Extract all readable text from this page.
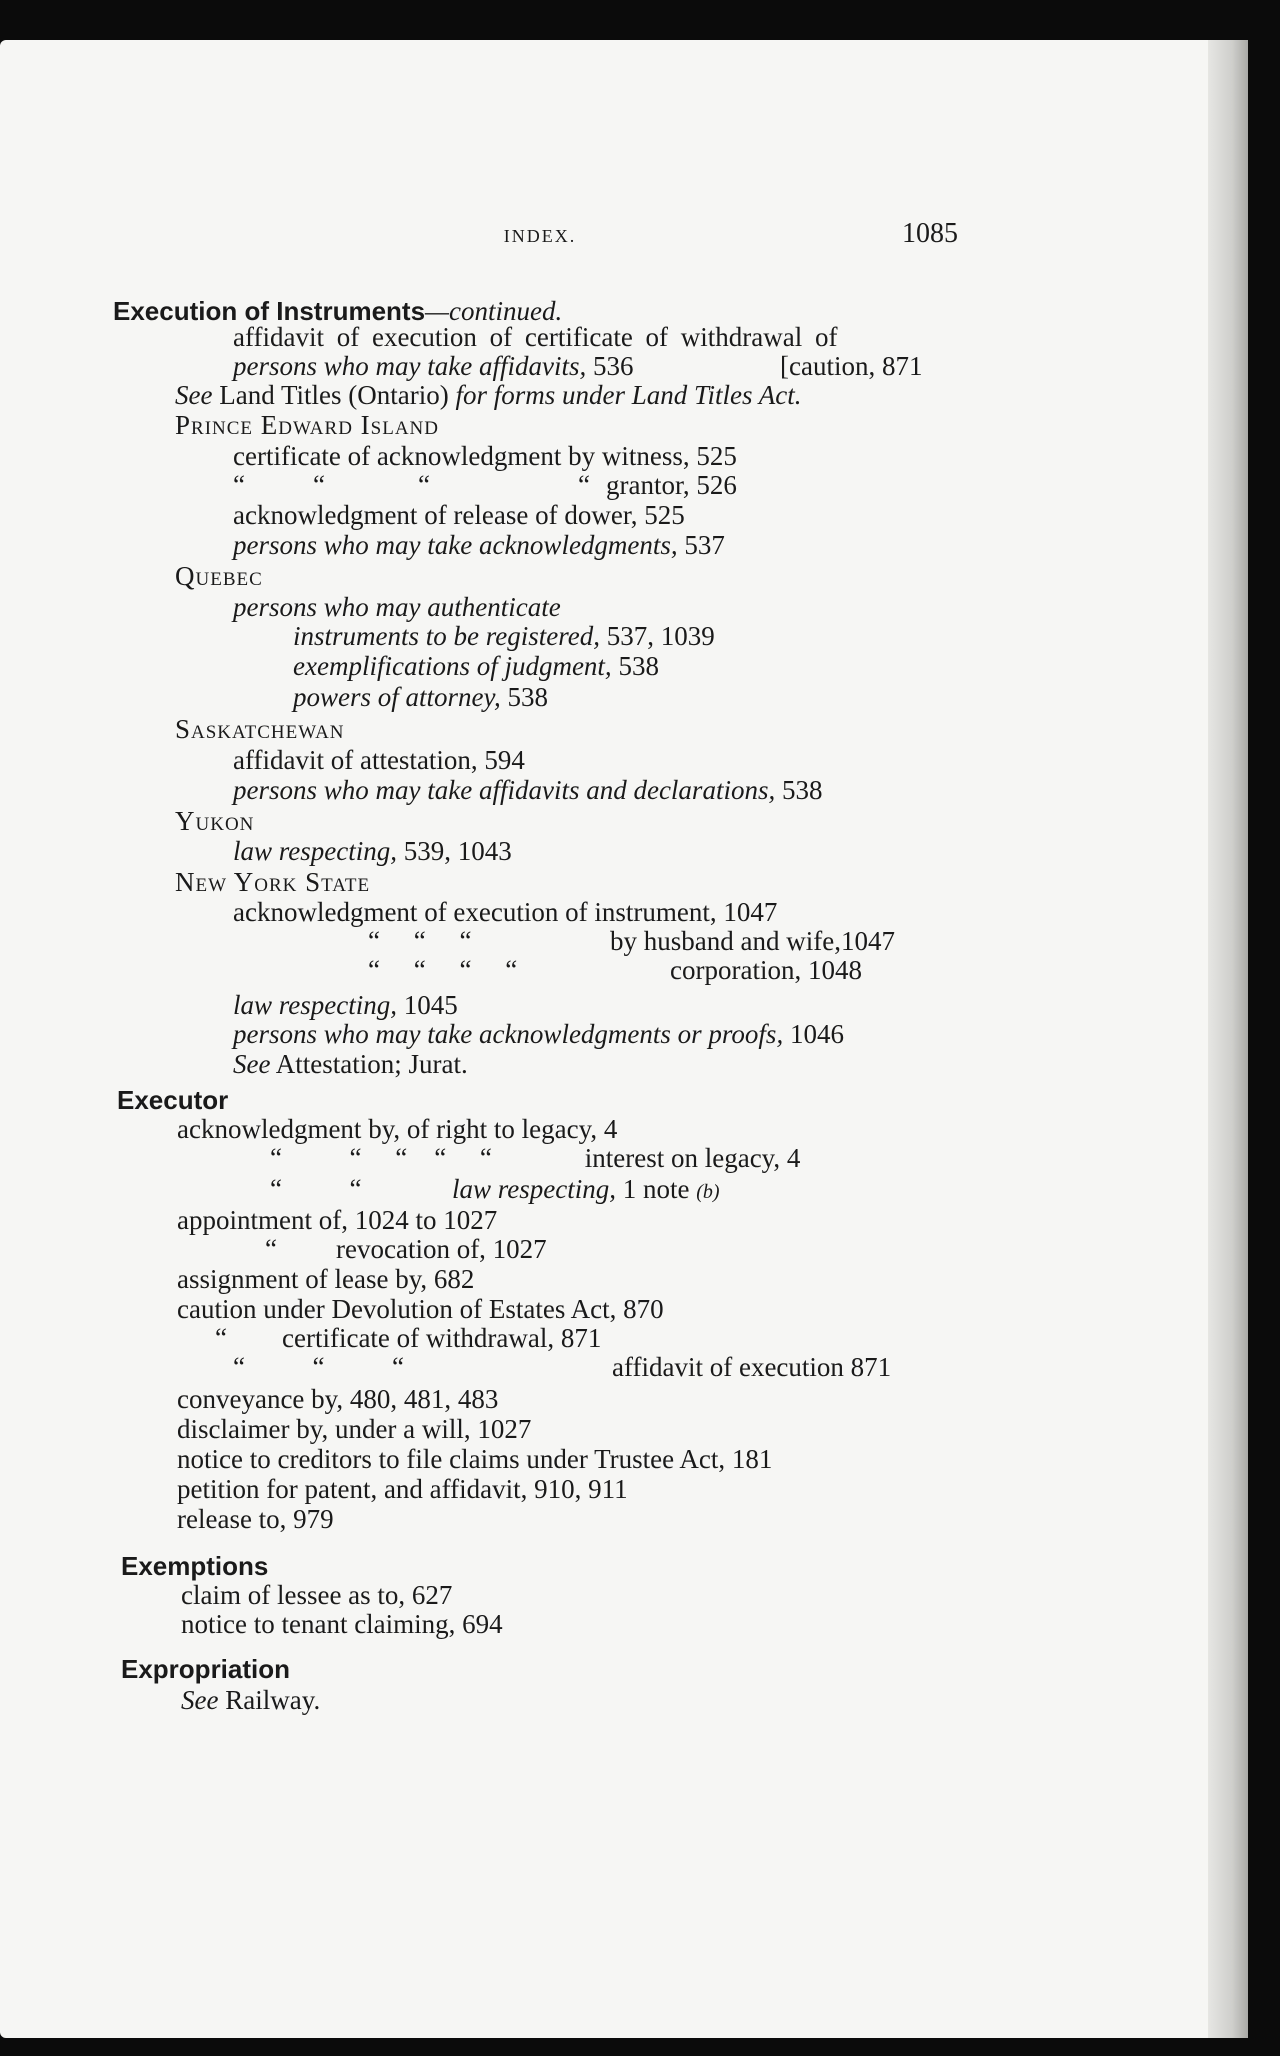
INDEX.	1085
Execution of Instruments—continued.
affidavit of execution of certificate of withdrawal of
persons who may take affidavits, 536	[caution, 871
See Land Titles (Ontario) for forms under Land Titles Act.
Prince Edward Island
certificate of acknowledgment by witness, 525
“	“	“	“ grantor, 526
acknowledgment of release of dower, 525
persons who may take acknowledgments, 537
Quebec
persons who may authenticate
instruments to be registered, 537, 1039
exemplifications of judgment, 538
powers of attorney, 538
Saskatchewan
affidavit of attestation, 594
persons who may take affidavits and declarations, 538
Yukon
law respecting, 539, 1043
New York State
acknowledgment of execution of instrument, 1047
“     “     “	by husband and wife,1047
“     “     “     “	corporation, 1048
law respecting, 1045
persons who may take acknowledgments or proofs, 1046
See Attestation; Jurat.
Executor
acknowledgment by, of right to legacy, 4
“          “     “    “     “	interest on legacy, 4
“          “	law respecting, 1 note (b)
appointment of, 1024 to 1027
“ revocation of, 1027
assignment of lease by, 682
caution under Devolution of Estates Act, 870
“ certificate of withdrawal, 871
“          “          “	affidavit of execution 871
conveyance by, 480, 481, 483
disclaimer by, under a will, 1027
notice to creditors to file claims under Trustee Act, 181
petition for patent, and affidavit, 910, 911
release to, 979
Exemptions
claim of lessee as to, 627
notice to tenant claiming, 694
Expropriation
See Railway.
